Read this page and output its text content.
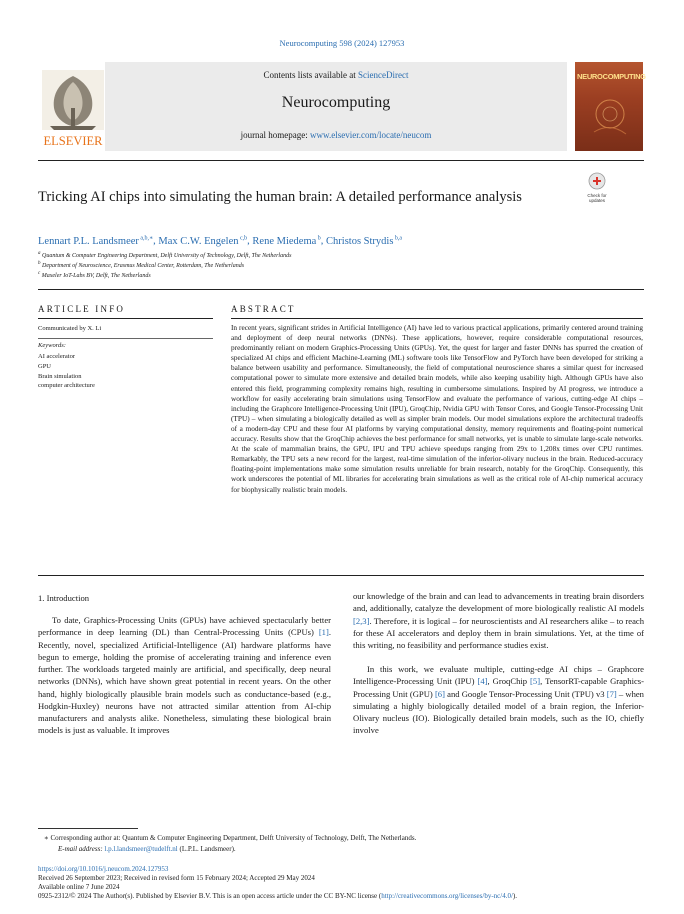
Neurocomputing 598 (2024) 127953
Contents lists available at ScienceDirect
Neurocomputing
journal homepage: www.elsevier.com/locate/neucom
ELSEVIER
NEUROCOMPUTING
Tricking AI chips into simulating the human brain: A detailed performance analysis	Check for updates
Lennart P.L. Landsmeer $^{a,b,∗}$, Max C.W. Engelen $^{c,b}$, Rene Miedema $^b$, Christos Strydis $^{b,a}$
$^a$ Quantum & Computer Engineering Department, Delft University of Technology, Delft, The Netherlands
$^b$ Department of Neuroscience, Erasmus Medical Center, Rotterdam, The Netherlands
$^c$ Maxeler IoT-Labs BV, Delft, The Netherlands
ARTICLE INFO
Communicated by X. Li
Keywords:
AI accelerator
GPU
Brain simulation
computer architecture
ABSTRACT
In recent years, significant strides in Artificial Intelligence (AI) have led to various practical applications, primarily centered around training and deployment of deep neural networks (DNNs). These applications, however, require considerable computational resources, predominantly reliant on modern Graphics-Processing Units (GPUs). Yet, the quest for larger and faster DNNs has spurred the creation of specialized AI chips and efficient Machine-Learning (ML) software tools like TensorFlow and PyTorch have been developed for striking a balance between usability and performance. Simultaneously, the field of computational neuroscience shares a similar quest for increased computational power to simulate more extensive and detailed brain models, while also keeping usability high. Although GPUs have also entered this field, programming complexity remains high, resulting in cumbersome simulations. Inspired by AI progress, we introduce a workflow for easily accelerating brain simulations using TensorFlow and evaluate the performance of various, cutting-edge AI chips – including the Graphcore Intelligence-Processing Unit (IPU), GroqChip, Nvidia GPU with Tensor Cores, and Google Tensor-Processing Unit (TPU) – when simulating a biologically detailed as well as simpler brain models. Our model simulations explore the architectural tradeoffs of a modern-day CPU and these four AI platforms by varying computational density, memory requirements and floating-point numerical accuracy. Results show that the GroqChip achieves the best performance for small networks, yet is unable to simulate large-scale networks. At the scale of mammalian brains, the GPU, IPU and TPU achieve speedups ranging from 29x to 1,208x times over CPU runtimes. Remarkably, the TPU sets a new record for the largest, real-time simulation of the inferior-olivary nucleus in the brain. Reduced-accuracy floating-point implementations make some simulation results unreliable for brain research, notably for the GroqChip. Consequently, this work underscores the potential of ML libraries for accelerating brain simulations as well as the critical role of AI-chip numerical accuracy for biophysically realistic brain models.
1. Introduction
To date, Graphics-Processing Units (GPUs) have achieved spectacularly better performance in deep learning (DL) than Central-Processing Units (CPUs) [1]. Recently, novel, specialized Artificial-Intelligence (AI) hardware platforms have begun to emerge, holding the promise of accelerating training and inference even further. The workloads targeted mainly are artificial, and specifically, deep neural networks (DNNs), which have shown great potential in recent years. On the other hand, highly biologically plausible brain models such as conductance-based (e.g., Hodgkin-Huxley) neurons have not attracted similar attention from AI-chip manufacturers and analysts alike. Nonetheless, simulating these biological brain models is just as valuable. It improves
our knowledge of the brain and can lead to advancements in treating brain disorders and, additionally, catalyze the development of more biologically realistic AI models [2,3]. Therefore, it is logical – for neuroscientists and AI researchers alike – to reach for these AI accelerators and deploy them in brain simulations. Yet, at the time of this writing, no feasibility and performance studies exist.
In this work, we evaluate multiple, cutting-edge AI chips – Graphcore Intelligence-Processing Unit (IPU) [4], GroqChip [5], TensorRT-capable Graphics-Processing Unit (GPU) [6] and Google Tensor-Processing Unit (TPU) v3 [7] – when simulating a highly biologically detailed model of a brain region, the Inferior-Olivary nucleus (IO). Biologically detailed brain models, such as the IO, chiefly involve
∗ Corresponding author at: Quantum & Computer Engineering Department, Delft University of Technology, Delft, The Netherlands.
E-mail address: l.p.l.landsmeer@tudelft.nl (L.P.L. Landsmeer).
https://doi.org/10.1016/j.neucom.2024.127953
Received 26 September 2023; Received in revised form 15 February 2024; Accepted 29 May 2024
Available online 7 June 2024
0925-2312/© 2024 The Author(s). Published by Elsevier B.V. This is an open access article under the CC BY-NC license (http://creativecommons.org/licenses/by-nc/4.0/).
